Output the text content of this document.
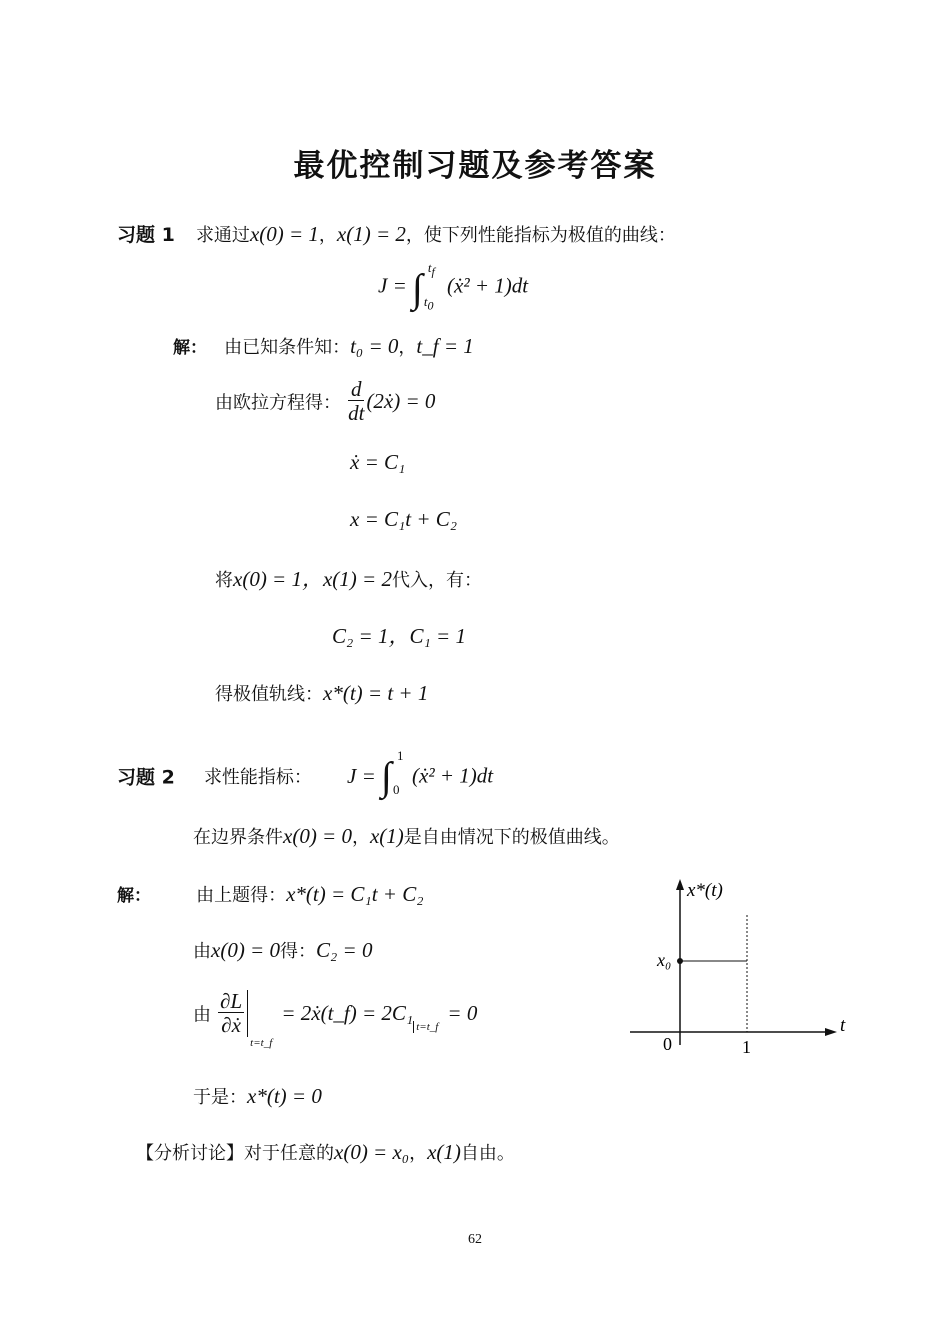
最优控制习题及参考答案
习题 1 求通过x(0) = 1，x(1) = 2，使下列性能指标为极值的曲线：
J = ∫ $t_f$
$t_0$
(ẋ² + 1)dt
解： 由已知条件知：t₀ = 0，t_f = 1
由欧拉方程得： $\frac{d}{dt}$ (2ẋ) = 0
ẋ = C₁
x = C₁t + C₂
将x(0) = 1，x(1) = 2代入，有：
C₂ = 1，C₁ = 1
得极值轨线：x*(t) = t + 1
习题 2 求性能指标： J = ∫ 1
0
(ẋ² + 1)dt
在边界条件x(0) = 0，x(1)是自由情况下的极值曲线。
解：	由上题得：x*(t) = C₁t + C₂
由x(0) = 0得：C₂ = 0
由 $\frac{\partial L}{\text{∂ẋ}}$
$_{t=t\_f}$ = 2ẋ(t_f) = $2C_1_{t=t\_f} = 0$
于是：x*(t) = 0
【分析讨论】对于任意的x(0) = x₀，x(1)自由。
x*(t)
t
0	1
x₀
62
